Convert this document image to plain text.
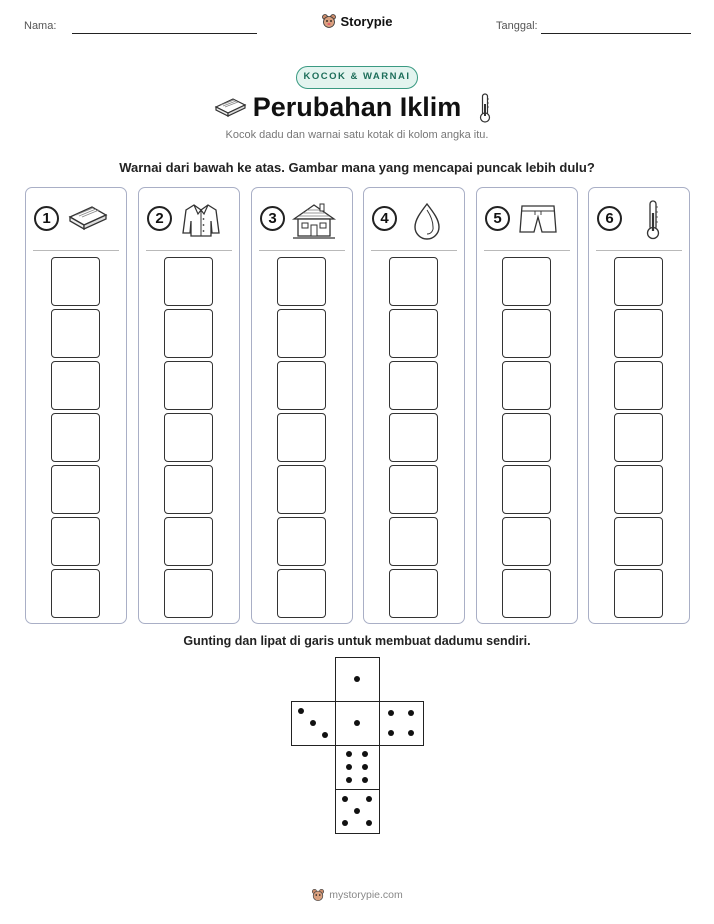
Nama:	Storypie	Tanggal:
KOCOK & WARNAI
Perubahan Iklim
Kocok dadu dan warnai satu kotak di kolom angka itu.
Warnai dari bawah ke atas. Gambar mana yang mencapai puncak lebih dulu?
1	2	3	4	5	6
Gunting dan lipat di garis untuk membuat dadumu sendiri.
mystorypie.com
